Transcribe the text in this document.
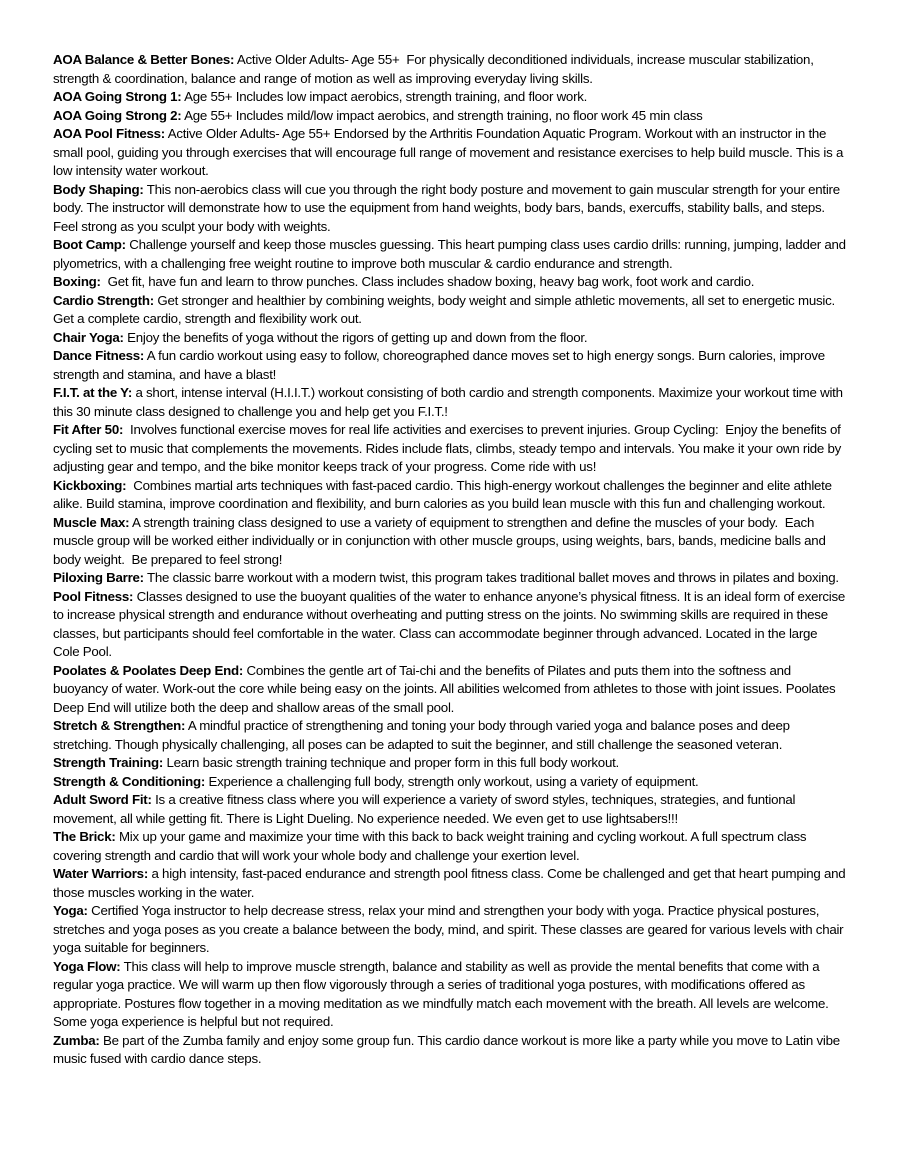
AOA Balance & Better Bones: Active Older Adults- Age 55+  For physically deconditioned individuals, increase muscular stabilization, strength & coordination, balance and range of motion as well as improving everyday living skills.

AOA Going Strong 1: Age 55+ Includes low impact aerobics, strength training, and floor work.

AOA Going Strong 2: Age 55+ Includes mild/low impact aerobics, and strength training, no floor work 45 min class

AOA Pool Fitness: Active Older Adults- Age 55+ Endorsed by the Arthritis Foundation Aquatic Program. Workout with an instructor in the small pool, guiding you through exercises that will encourage full range of movement and resistance exercises to help build muscle. This is a low intensity water workout.

Body Shaping: This non-aerobics class will cue you through the right body posture and movement to gain muscular strength for your entire body. The instructor will demonstrate how to use the equipment from hand weights, body bars, bands, exercuffs, stability balls, and steps. Feel strong as you sculpt your body with weights.

Boot Camp: Challenge yourself and keep those muscles guessing. This heart pumping class uses cardio drills: running, jumping, ladder and plyometrics, with a challenging free weight routine to improve both muscular & cardio endurance and strength.

Boxing:  Get fit, have fun and learn to throw punches. Class includes shadow boxing, heavy bag work, foot work and cardio.

Cardio Strength: Get stronger and healthier by combining weights, body weight and simple athletic movements, all set to energetic music. Get a complete cardio, strength and flexibility work out.

Chair Yoga: Enjoy the benefits of yoga without the rigors of getting up and down from the floor.

Dance Fitness: A fun cardio workout using easy to follow, choreographed dance moves set to high energy songs. Burn calories, improve strength and stamina, and have a blast!

F.I.T. at the Y: a short, intense interval (H.I.I.T.) workout consisting of both cardio and strength components. Maximize your workout time with this 30 minute class designed to challenge you and help get you F.I.T.!

Fit After 50:  Involves functional exercise moves for real life activities and exercises to prevent injuries. Group Cycling:  Enjoy the benefits of cycling set to music that complements the movements. Rides include flats, climbs, steady tempo and intervals. You make it your own ride by adjusting gear and tempo, and the bike monitor keeps track of your progress. Come ride with us!

Kickboxing:  Combines martial arts techniques with fast-paced cardio. This high-energy workout challenges the beginner and elite athlete alike. Build stamina, improve coordination and flexibility, and burn calories as you build lean muscle with this fun and challenging workout.

Muscle Max: A strength training class designed to use a variety of equipment to strengthen and define the muscles of your body.  Each muscle group will be worked either individually or in conjunction with other muscle groups, using weights, bars, bands, medicine balls and body weight.  Be prepared to feel strong!

Piloxing Barre: The classic barre workout with a modern twist, this program takes traditional ballet moves and throws in pilates and boxing.

Pool Fitness: Classes designed to use the buoyant qualities of the water to enhance anyone’s physical fitness. It is an ideal form of exercise to increase physical strength and endurance without overheating and putting stress on the joints. No swimming skills are required in these classes, but participants should feel comfortable in the water. Class can accommodate beginner through advanced. Located in the large Cole Pool.

Poolates & Poolates Deep End: Combines the gentle art of Tai-chi and the benefits of Pilates and puts them into the softness and buoyancy of water. Work-out the core while being easy on the joints. All abilities welcomed from athletes to those with joint issues. Poolates Deep End will utilize both the deep and shallow areas of the small pool.

Stretch & Strengthen: A mindful practice of strengthening and toning your body through varied yoga and balance poses and deep stretching. Though physically challenging, all poses can be adapted to suit the beginner, and still challenge the seasoned veteran.

Strength Training: Learn basic strength training technique and proper form in this full body workout.

Strength & Conditioning: Experience a challenging full body, strength only workout, using a variety of equipment.

Adult Sword Fit: Is a creative fitness class where you will experience a variety of sword styles, techniques, strategies, and funtional movement, all while getting fit. There is Light Dueling. No experience needed. We even get to use lightsabers!!!

The Brick: Mix up your game and maximize your time with this back to back weight training and cycling workout. A full spectrum class covering strength and cardio that will work your whole body and challenge your exertion level.

Water Warriors: a high intensity, fast-paced endurance and strength pool fitness class. Come be challenged and get that heart pumping and those muscles working in the water.

Yoga: Certified Yoga instructor to help decrease stress, relax your mind and strengthen your body with yoga. Practice physical postures, stretches and yoga poses as you create a balance between the body, mind, and spirit. These classes are geared for various levels with chair yoga suitable for beginners.

Yoga Flow: This class will help to improve muscle strength, balance and stability as well as provide the mental benefits that come with a regular yoga practice. We will warm up then flow vigorously through a series of traditional yoga postures, with modifications offered as appropriate. Postures flow together in a moving meditation as we mindfully match each movement with the breath. All levels are welcome. Some yoga experience is helpful but not required.

Zumba: Be part of the Zumba family and enjoy some group fun. This cardio dance workout is more like a party while you move to Latin vibe music fused with cardio dance steps.
